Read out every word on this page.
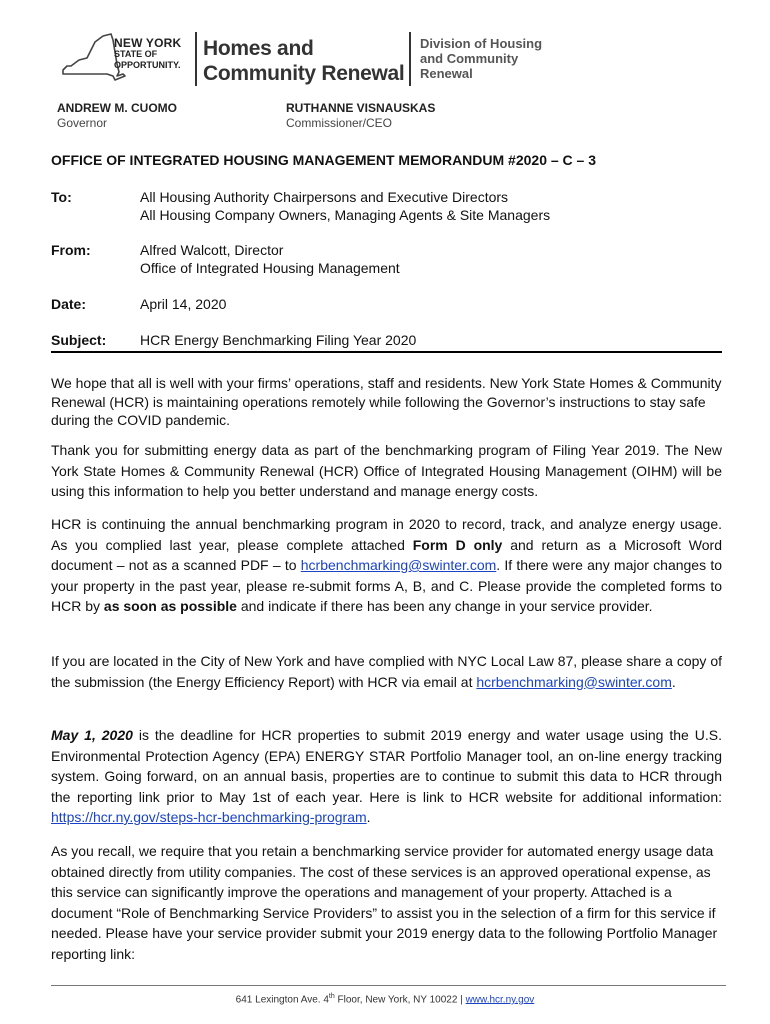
NEW YORK
STATE OF
OPPORTUNITY.
Homes and
Community Renewal
Division of Housing
and Community
Renewal
ANDREW M. CUOMO
Governor
RUTHANNE VISNAUSKAS
Commissioner/CEO
OFFICE OF INTEGRATED HOUSING MANAGEMENT MEMORANDUM #2020 – C – 3
To:	All Housing Authority Chairpersons and Executive Directors
All Housing Company Owners, Managing Agents & Site Managers
From:	Alfred Walcott, Director
Office of Integrated Housing Management
Date:	April 14, 2020
Subject:	HCR Energy Benchmarking Filing Year 2020
We hope that all is well with your firms’ operations, staff and residents. New York State Homes & Community Renewal (HCR) is maintaining operations remotely while following the Governor’s instructions to stay safe during the COVID pandemic.
Thank you for submitting energy data as part of the benchmarking program of Filing Year 2019. The New York State Homes & Community Renewal (HCR) Office of Integrated Housing Management (OIHM) will be using this information to help you better understand and manage energy costs.
HCR is continuing the annual benchmarking program in 2020 to record, track, and analyze energy usage. As you complied last year, please complete attached Form D only and return as a Microsoft Word document – not as a scanned PDF – to hcrbenchmarking@swinter.com. If there were any major changes to your property in the past year, please re-submit forms A, B, and C. Please provide the completed forms to HCR by as soon as possible and indicate if there has been any change in your service provider.
If you are located in the City of New York and have complied with NYC Local Law 87, please share a copy of the submission (the Energy Efficiency Report) with HCR via email at hcrbenchmarking@swinter.com.
May 1, 2020 is the deadline for HCR properties to submit 2019 energy and water usage using the U.S. Environmental Protection Agency (EPA) ENERGY STAR Portfolio Manager tool, an on-line energy tracking system. Going forward, on an annual basis, properties are to continue to submit this data to HCR through the reporting link prior to May 1st of each year. Here is link to HCR website for additional information: https://hcr.ny.gov/steps-hcr-benchmarking-program.
As you recall, we require that you retain a benchmarking service provider for automated energy usage data obtained directly from utility companies. The cost of these services is an approved operational expense, as this service can significantly improve the operations and management of your property. Attached is a document “Role of Benchmarking Service Providers” to assist you in the selection of a firm for this service if needed. Please have your service provider submit your 2019 energy data to the following Portfolio Manager reporting link:
641 Lexington Ave. 4th Floor, New York, NY 10022 | www.hcr.ny.gov
